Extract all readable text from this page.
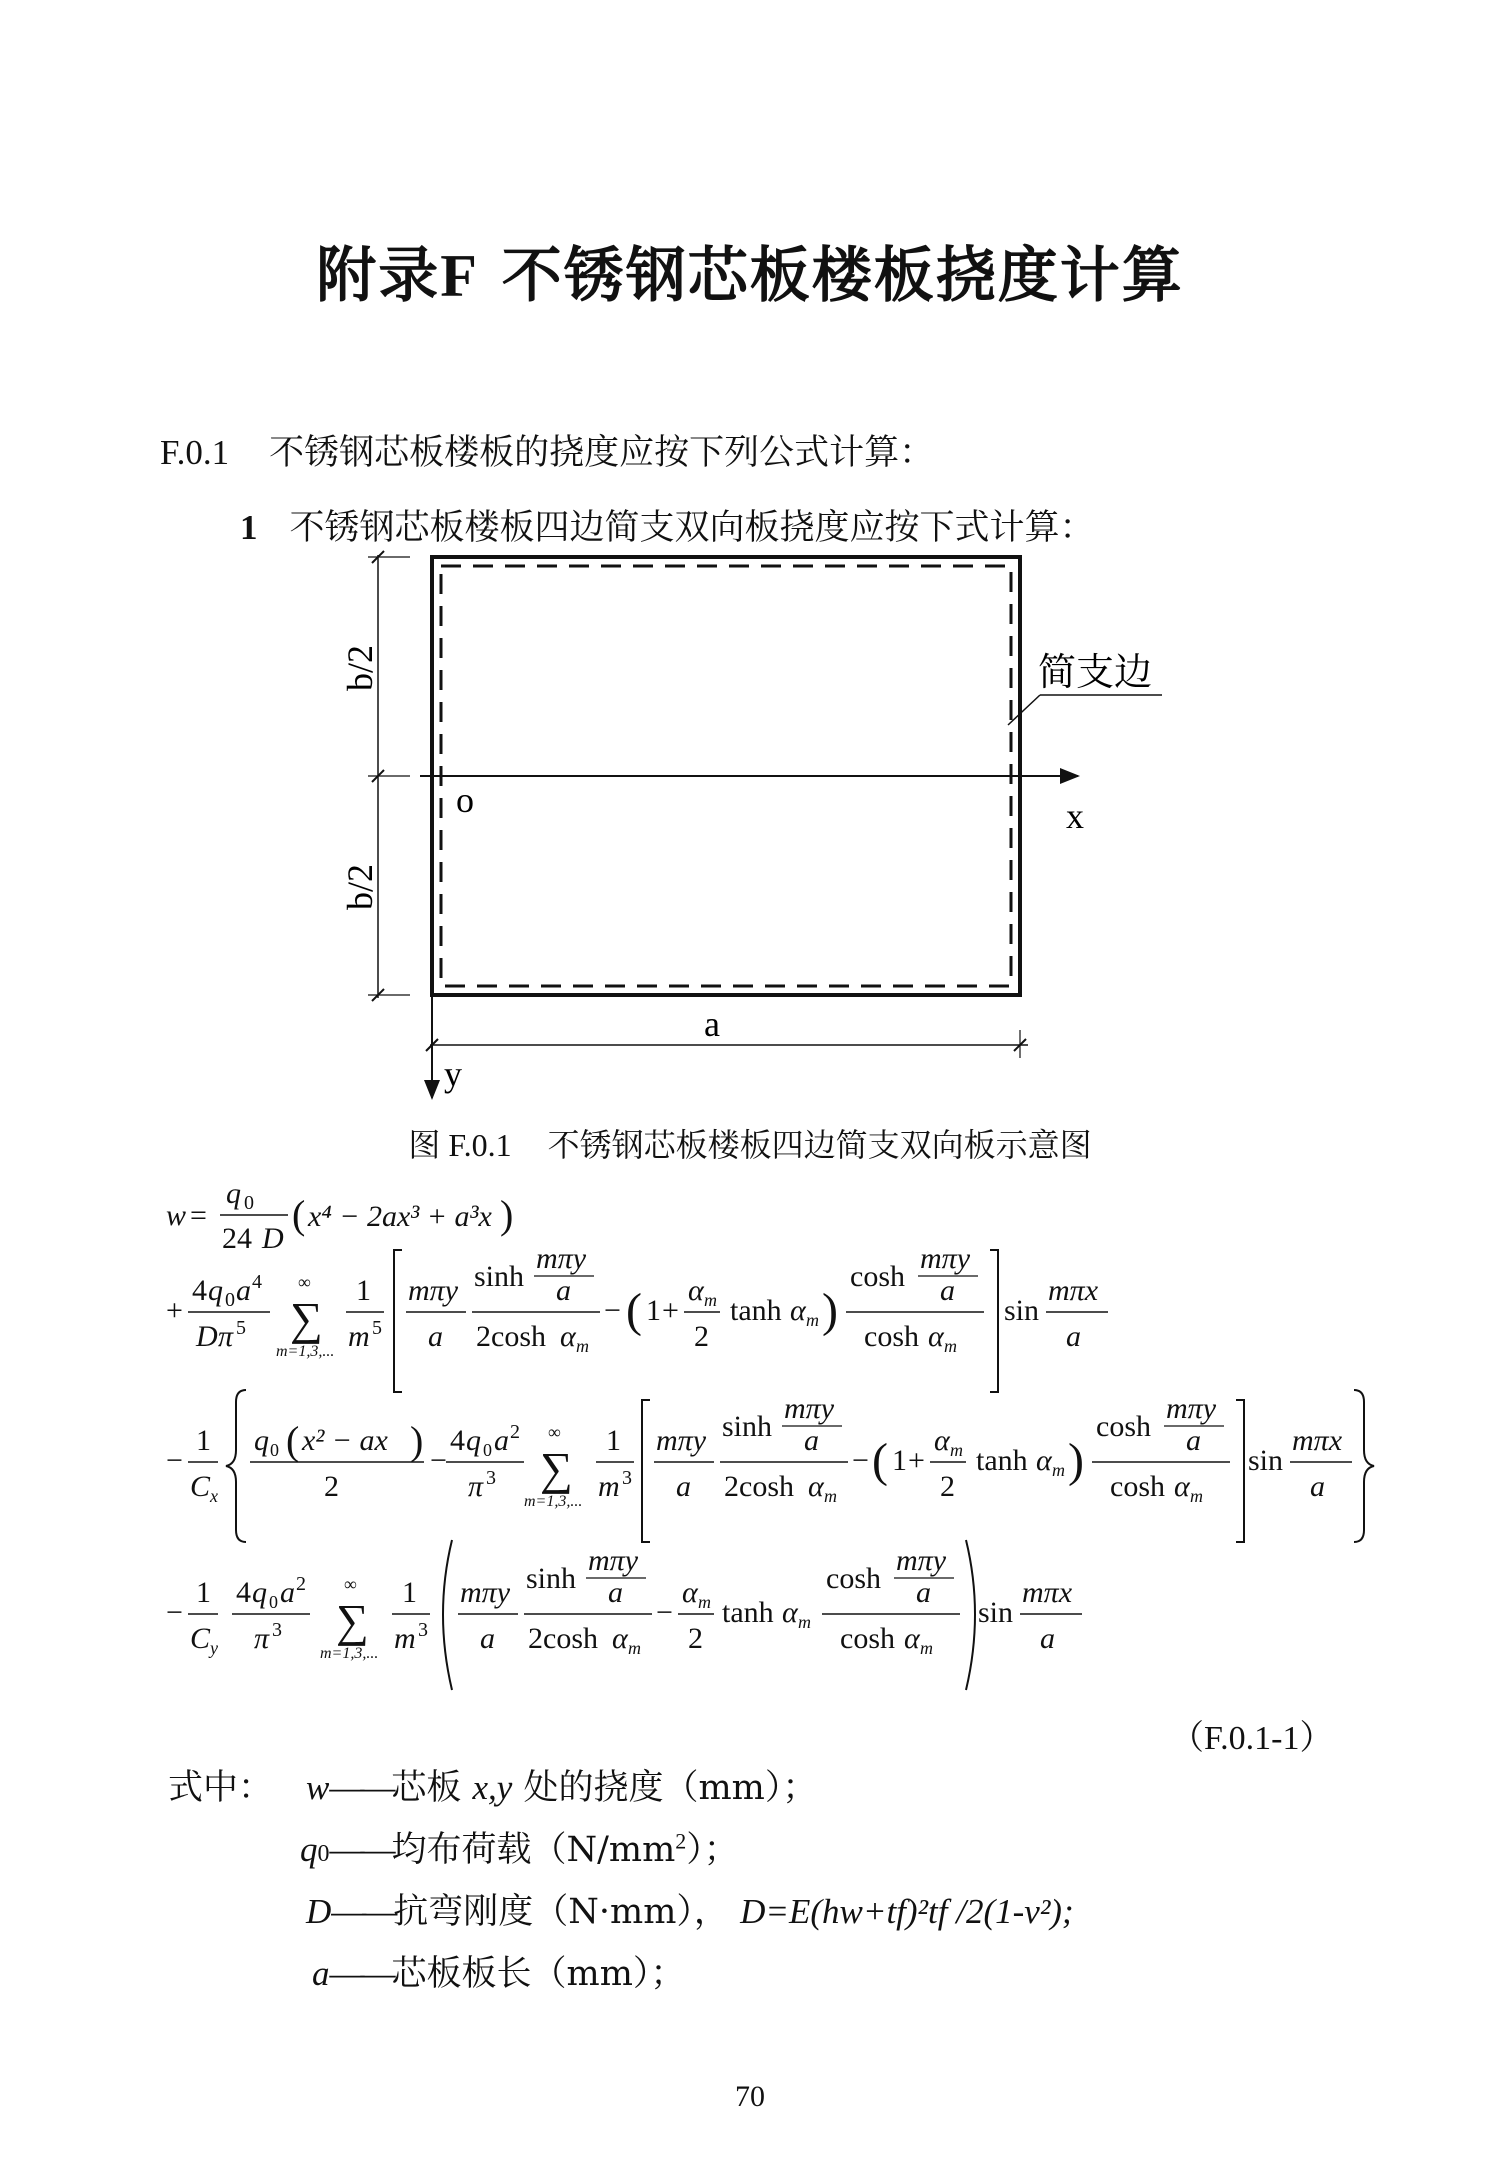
附录F 不锈钢芯板楼板挠度计算
F.0.1 不锈钢芯板楼板的挠度应按下列公式计算：
1 不锈钢芯板楼板四边简支双向板挠度应按下式计算：
b/2
b/2
o	x
y
a
简支边
图 F.0.1 不锈钢芯板楼板四边简支双向板示意图
w =
q 0
24 D
( x⁴ − 2ax³ + a³x )
+
4 q 0 a 4
D π 5
∞
∑
m=1,3,...
1
m 5
mπy
a
sinh
mπy
a
2cosh α m
− ( 1 +
α m
2
tanh α m )
cosh
mπy
a
cosh α m
sin
mπx
a
−
1
C x
q 0 ( x² − ax )
2
−
4 q 0 a 2
π 3
∞
∑
m=1,3,...
1
m 3
mπy
a
sinh
mπy
a
2cosh α m
− ( 1 +
α m
2
tanh α m )
cosh
mπy
a
cosh α m
sin
mπx
a
−
1
C y
4 q 0 a 2
π 3
∞
∑
m=1,3,...
1
m 3
mπy
a
sinh
mπy
a
2cosh α m
−
α m
2
tanh α m
cosh
mπy
a
cosh α m
sin
mπx
a
（F.0.1-1）
式中： w——芯板 x,y 处的挠度（mm）；
q0——均布荷载$(N/mm^2)$；
D——抗弯刚度（N·mm）， D=E(hw+tf)²tf /2(1-v²);
a——芯板板长（mm）；
70
